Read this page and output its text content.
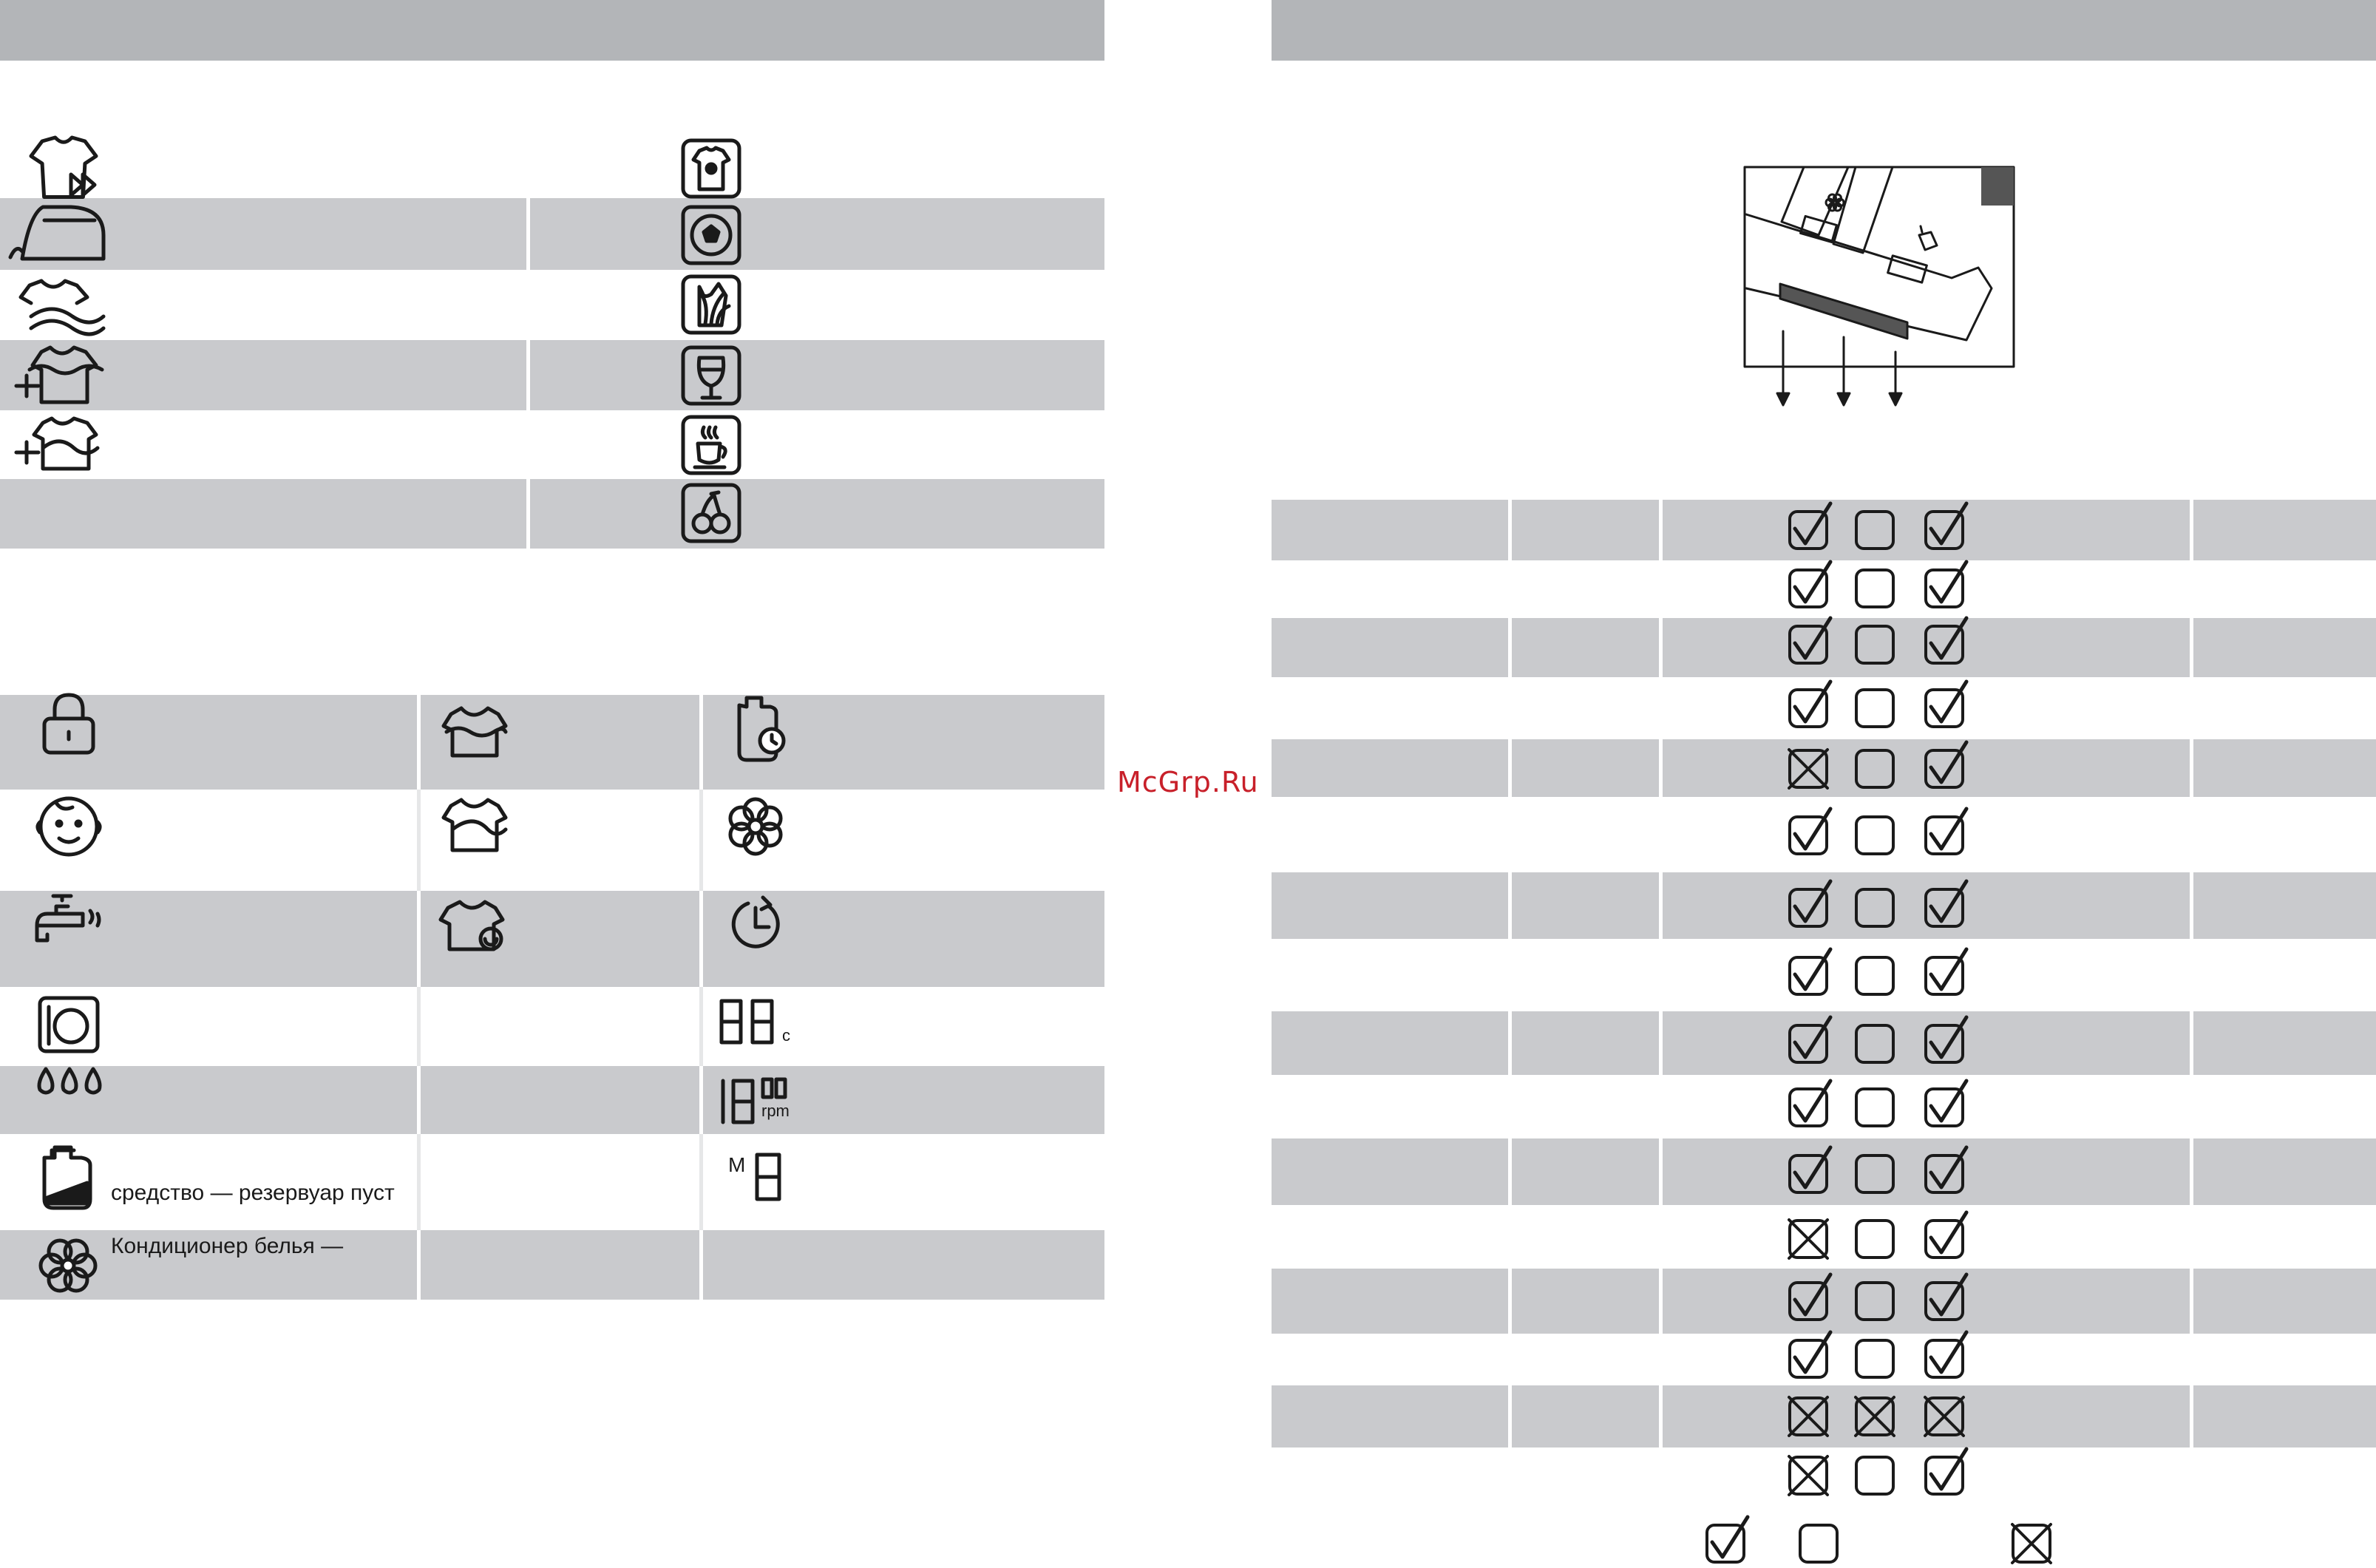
средство — резервуар пуст
Кондиционер белья —
rpm
c
M
McGrp.Ru
